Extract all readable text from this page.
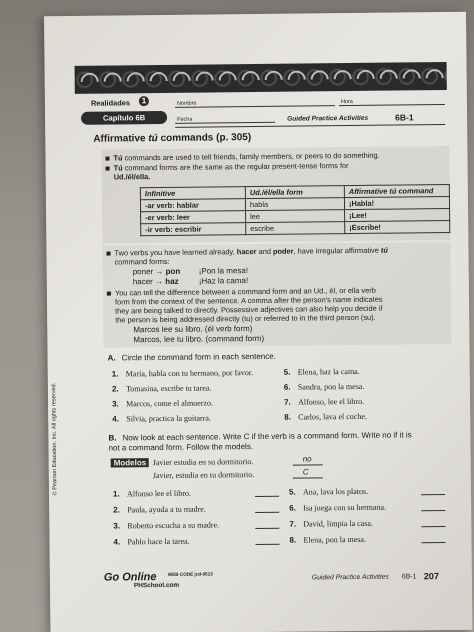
Realidades	1	Nombre	Hora
Capítulo 6B	Fecha	Guided Practice Activities	6B-1
Affirmative tú commands (p. 305)
Tú commands are used to tell friends, family members, or peers to do something.
Tú command forms are the same as the regular present-tense forms for
Ud./él/ella.
Infinitive	Ud./él/ella form	Affirmative tú command
-ar verb: hablar	habla	¡Habla!
-er verb: leer	lee	¡Lee!
-ir verb: escribir	escribe	¡Escribe!
Two verbs you have learned already, hacer and poder, have irregular affirmative tú
command forms:
poner → pon ¡Pon la mesa!
hacer → haz	¡Haz la cama!
You can tell the difference between a command form and an Ud., él, or ella verb
form from the context of the sentence. A comma after the person's name indicates
they are being talked to directly. Possessive adjectives can also help you decide if
the person is being addressed directly (tu) or referred to in the third person (su).
Marcos lee su libro. (él verb form)
Marcos, lee tu libro. (command form)
A. Circle the command form in each sentence.
1. María, habla con tu hermano, por favor.
2. Tomasina, escribe tu tarea.
3. Marcos, come el almuerzo.
4. Silvia, practica la guitarra.
5. Elena, haz la cama.
6. Sandra, pon la mesa.
7. Alfonso, lee el libro.
8. Carlos, lava el coche.
B. Now look at each sentence. Write C if the verb is a command form. Write no if it is
not a command form. Follow the models.
Modelos Javier estudia en su dormitorio.	no
Javier, estudia en tu dormitorio.	C
1. Alfonso lee el libro.
2. Paula, ayuda a tu madre.
3. Roberto escucha a su madre.
4. Pablo hace la tarea.
5. Ana, lava los platos.
6. Isa juega con su hermana.
7. David, limpia la casa.
8. Elena, pon la mesa.
Go Online WEB CODE jcd-0613
PHSchool.com
Guided Practice Activities 6B-1 207
© Pearson Education, Inc. All rights reserved.
